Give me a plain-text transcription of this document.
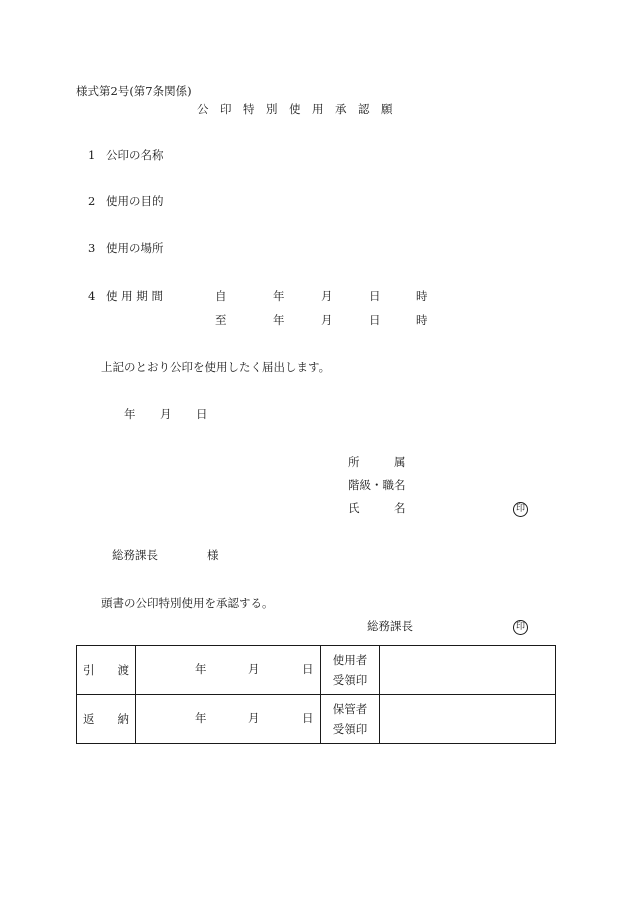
様式第2号(第7条関係)
公　印　特　別　使　用　承　認　願
1 公印の名称
2 使用の目的
3 使用の場所
4 使 用 期 間	自	年	月	日	時
至	年	月	日	時
上記のとおり公印を使用したく届出します。
年 月 日
所　　　属
階級・職名
氏　　　名	印
総務課長	様
頭書の公印特別使用を承認する。
総務課長	印
引　　渡	年 月 日	使用者
受領印	

返　　納	年 月 日	保管者
受領印	
